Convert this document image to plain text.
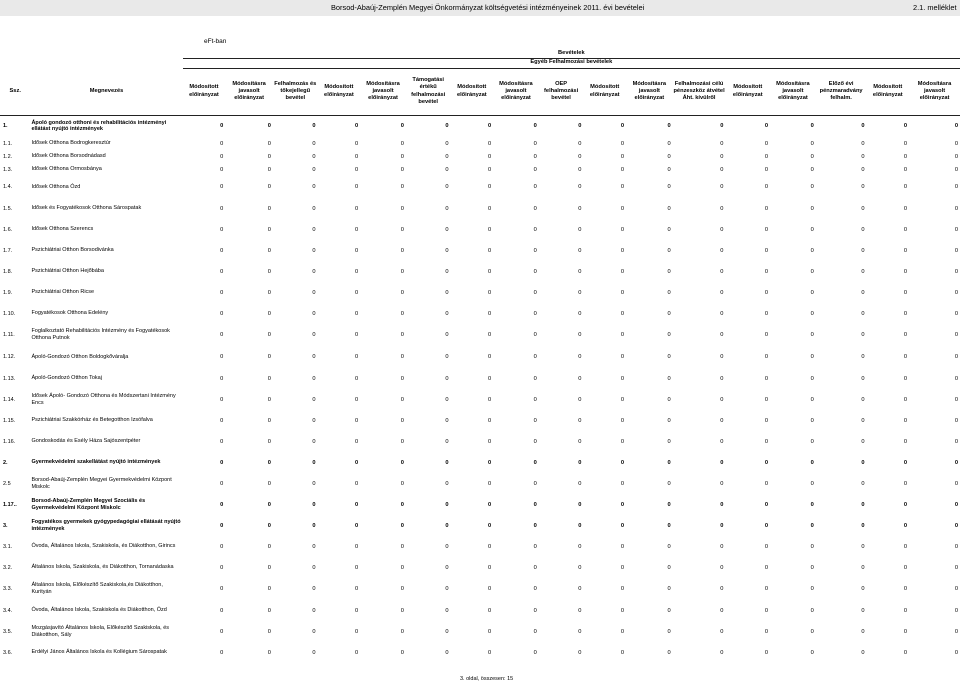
Borsod-Abaúj-Zemplén Megyei Önkormányzat költségvetési intézményeinek 2011. évi bevételei	2.1. melléklet
eFt-ban
		Bevételek																
		Egyéb Felhalmozási bevételek																
Ssz.	Megnevezés	Módosított előirányzat	Módosításra javasolt előirányzat	Felhalmozás és tőkejellegű bevétel	Módosított előirányzat	Módosításra javasolt előirányzat	Támogatási értékű felhalmozási bevétel	Módosított előirányzat	Módosításra javasolt előirányzat	OEP felhalmozási bevétel	Módosított előirányzat	Módosításra javasolt előirányzat	Felhalmozási célú pénzeszköz átvétel Áht. kívülről	Módosított előirányzat	Módosításra javasolt előirányzat	Előző évi pénzmaradvány felhalm.	Módosított előirányzat	Módosításra javasolt előirányzat
1.	Ápoló gondozó otthoni és rehabilitációs intézményi ellátást nyújtó intézmények	0	0	0	0	0	0	0	0	0	0	0	0	0	0	0	0	0
1.1.	Idősek Otthona Bodrogkeresztúr	0	0	0	0	0	0	0	0	0	0	0	0	0	0	0	0	0
1.2.	Idősek Otthona Borsodnádasd	0	0	0	0	0	0	0	0	0	0	0	0	0	0	0	0	0
1.3.	Idősek Otthona Ormosbánya	0	0	0	0	0	0	0	0	0	0	0	0	0	0	0	0	0
1.4.	Idősek Otthona Ózd	0	0	0	0	0	0	0	0	0	0	0	0	0	0	0	0	0
1.5.	Idősek és Fogyatékosok Otthona Sárospatak	0	0	0	0	0	0	0	0	0	0	0	0	0	0	0	0	0
1.6.	Idősek Otthona Szerencs	0	0	0	0	0	0	0	0	0	0	0	0	0	0	0	0	0
1.7.	Pszichiátriai Otthon Borsodivánka	0	0	0	0	0	0	0	0	0	0	0	0	0	0	0	0	0
1.8.	Pszichiátriai Otthon Hejőbába	0	0	0	0	0	0	0	0	0	0	0	0	0	0	0	0	0
1.9.	Pszichiátriai Otthon Ricse	0	0	0	0	0	0	0	0	0	0	0	0	0	0	0	0	0
1.10.	Fogyatékosok Otthona Edelény	0	0	0	0	0	0	0	0	0	0	0	0	0	0	0	0	0
1.11.	Foglalkoztató Rehabilitációs Intézmény és Fogyatékosok Otthona Putnok	0	0	0	0	0	0	0	0	0	0	0	0	0	0	0	0	0
1.12.	Ápoló-Gondozó Otthon Boldogkőváralja	0	0	0	0	0	0	0	0	0	0	0	0	0	0	0	0	0
1.13.	Ápoló-Gondozó Otthon Tokaj	0	0	0	0	0	0	0	0	0	0	0	0	0	0	0	0	0
1.14.	Idősek Ápoló- Gondozó Otthona és Módszertani Intézmény Encs	0	0	0	0	0	0	0	0	0	0	0	0	0	0	0	0	0
1.15.	Pszichiátriai Szakkórház és Betegotthon Izsófalva	0	0	0	0	0	0	0	0	0	0	0	0	0	0	0	0	0
1.16.	Gondoskodás és Esély Háza Sajószentpéter	0	0	0	0	0	0	0	0	0	0	0	0	0	0	0	0	0
2.	Gyermekvédelmi szakellátást nyújtó intézmények	0	0	0	0	0	0	0	0	0	0	0	0	0	0	0	0	0
2.5	Borsod-Abaúj-Zemplén Megyei Gyermekvédelmi Központ Miskolc	0	0	0	0	0	0	0	0	0	0	0	0	0	0	0	0	0
1.17..	Borsod-Abaúj-Zemplén Megyei Szociális és Gyermekvédelmi Központ Miskolc	0	0	0	0	0	0	0	0	0	0	0	0	0	0	0	0	0
3.	Fogyatékos gyermekek gyógypedagógiai ellátását nyújtó intézmények	0	0	0	0	0	0	0	0	0	0	0	0	0	0	0	0	0
3.1.	Óvoda, Általános Iskola, Szakiskola, és Diákotthon, Girincs	0	0	0	0	0	0	0	0	0	0	0	0	0	0	0	0	0
3.2.	Általános Iskola, Szakiskola, és Diákotthon, Tornanádaska	0	0	0	0	0	0	0	0	0	0	0	0	0	0	0	0	0
3.3.	Általános Iskola, Előkészítő Szakiskola,és Diákotthon, Kurityán	0	0	0	0	0	0	0	0	0	0	0	0	0	0	0	0	0
3.4.	Óvoda, Általános Iskola, Szakiskola és Diákotthon, Ózd	0	0	0	0	0	0	0	0	0	0	0	0	0	0	0	0	0
3.5.	Mozgásjavító Általános Iskola, Előkészítő Szakiskola, és Diákotthon, Sály	0	0	0	0	0	0	0	0	0	0	0	0	0	0	0	0	0
3.6.	Erdélyi János Általános Iskola és Kollégium Sárospatak	0	0	0	0	0	0	0	0	0	0	0	0	0	0	0	0	0
3. oldal, összesen: 15
